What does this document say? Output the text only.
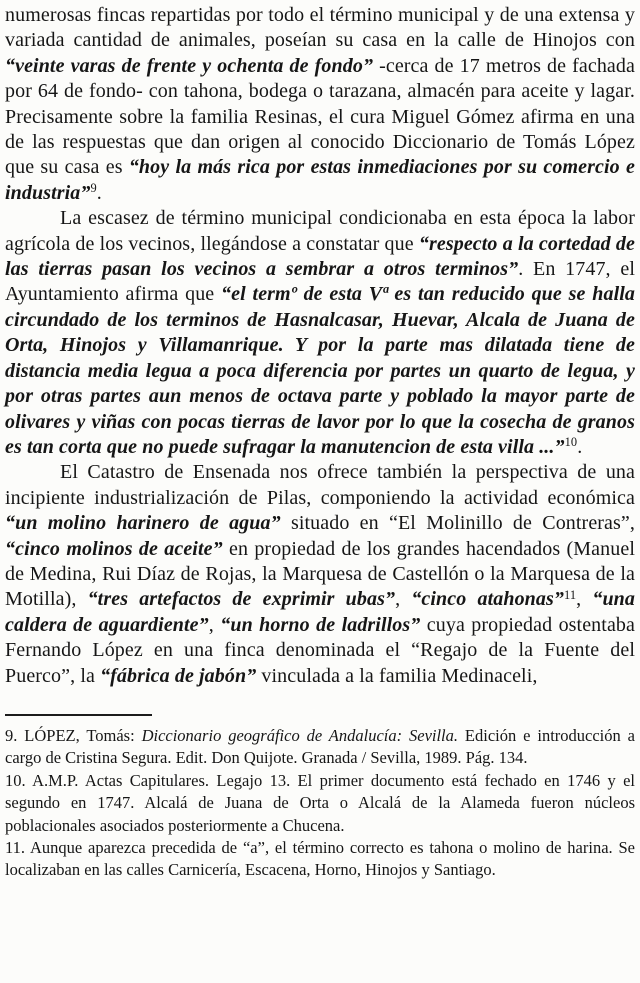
numerosas fincas repartidas por todo el término municipal y de una extensa y variada cantidad de animales, poseían su casa en la calle de Hinojos con “veinte varas de frente y ochenta de fondo” -cerca de 17 metros de fachada por 64 de fondo- con tahona, bodega o tarazana, almacén para aceite y lagar. Precisamente sobre la familia Resinas, el cura Miguel Gómez afirma en una de las respuestas que dan origen al conocido Diccionario de Tomás López que su casa es “hoy la más rica por estas inmediaciones por su comercio e industria”$^9$.

La escasez de término municipal condicionaba en esta época la labor agrícola de los vecinos, llegándose a constatar que “respecto a la cortedad de las tierras pasan los vecinos a sembrar a otros terminos”. En 1747, el Ayuntamiento afirma que “el termº de esta Vª es tan reducido que se halla circundado de los terminos de Hasnalcasar, Huevar, Alcala de Juana de Orta, Hinojos y Villamanrique. Y por la parte mas dilatada tiene de distancia media legua a poca diferencia por partes un quarto de legua, y por otras partes aun menos de octava parte y poblado la mayor parte de olivares y viñas con pocas tierras de lavor por lo que la cosecha de granos es tan corta que no puede sufragar la manutencion de esta villa ...”$^{10}$.

El Catastro de Ensenada nos ofrece también la perspectiva de una incipiente industrialización de Pilas, componiendo la actividad económica “un molino harinero de agua” situado en “El Molinillo de Contreras”, “cinco molinos de aceite” en propiedad de los grandes hacendados (Manuel de Medina, Rui Díaz de Rojas, la Marquesa de Castellón o la Marquesa de la Motilla), “tres artefactos de exprimir ubas”, “cinco atahonas”$^{11}$, “una caldera de aguardiente”, “un horno de ladrillos” cuya propiedad ostentaba Fernando López en una finca denominada el “Regajo de la Fuente del Puerco”, la “fábrica de jabón” vinculada a la familia Medinaceli,

9. LÓPEZ, Tomás: Diccionario geográfico de Andalucía: Sevilla. Edición e introducción a cargo de Cristina Segura. Edit. Don Quijote. Granada / Sevilla, 1989. Pág. 134.

10. A.M.P. Actas Capitulares. Legajo 13. El primer documento está fechado en 1746 y el segundo en 1747. Alcalá de Juana de Orta o Alcalá de la Alameda fueron núcleos poblacionales asociados posteriormente a Chucena.

11. Aunque aparezca precedida de “a”, el término correcto es tahona o molino de harina. Se localizaban en las calles Carnicería, Escacena, Horno, Hinojos y Santiago.
